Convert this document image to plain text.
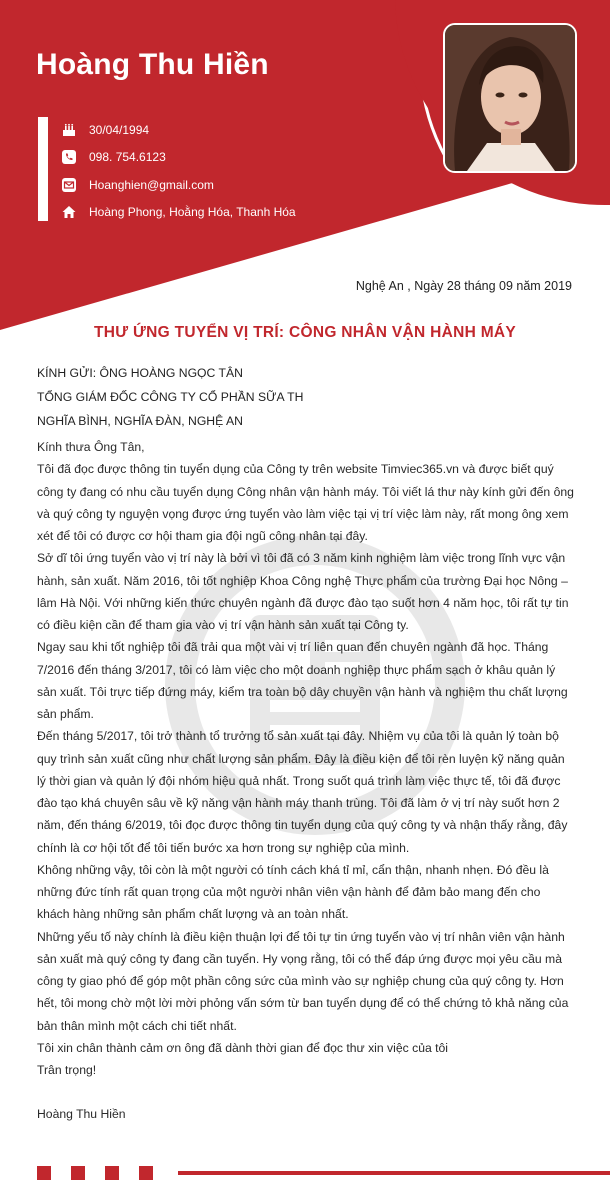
Hoàng Thu Hiền
30/04/1994
098. 754.6123
Hoanghien@gmail.com
Hoàng Phong, Hoằng Hóa, Thanh Hóa
Nghệ An , Ngày 28 tháng 09 năm 2019
THƯ ỨNG TUYỂN VỊ TRÍ: CÔNG NHÂN VẬN HÀNH MÁY
KÍNH GỬI: ÔNG HOÀNG NGỌC TÂN
TỔNG GIÁM ĐỐC CÔNG TY CỔ PHẦN SỮA TH
NGHĨA BÌNH, NGHĨA ĐÀN, NGHỆ AN

Kính thưa Ông Tân,

Tôi đã đọc được thông tin tuyển dụng của Công ty trên website Timviec365.vn và được biết quý công ty đang có nhu cầu tuyển dụng Công nhân vận hành máy. Tôi viết lá thư này kính gửi đến ông và quý công ty nguyện vọng được ứng tuyển vào làm việc tại vị trí việc làm này, rất mong ông xem xét để tôi có được cơ hội tham gia đội ngũ công nhân tại đây.

Sở dĩ tôi ứng tuyển vào vị trí này là bởi vì tôi đã có 3 năm kinh nghiệm làm việc trong lĩnh vực vận hành, sản xuất. Năm 2016, tôi tốt nghiệp Khoa Công nghệ Thực phẩm của trường Đại học Nông – lâm Hà Nội. Với những kiến thức chuyên ngành đã được đào tạo suốt hơn 4 năm học, tôi rất tự tin có điều kiện cần để tham gia vào vị trí vận hành sản xuất tại Công ty.

Ngay sau khi tốt nghiệp tôi đã trải qua một vài vị trí liên quan đến chuyên ngành đã học. Tháng 7/2016 đến tháng 3/2017, tôi có làm việc cho một doanh nghiệp thực phẩm sạch ở khâu quản lý sản xuất. Tôi trực tiếp đứng máy, kiểm tra toàn bộ dây chuyền vận hành và nghiệm thu chất lượng sản phẩm.

Đến tháng 5/2017, tôi trở thành tổ trưởng tổ sản xuất tại đây. Nhiệm vụ của tôi là quản lý toàn bộ quy trình sản xuất cũng như chất lượng sản phẩm. Đây là điều kiện để tôi rèn luyện kỹ năng quản lý thời gian và quản lý đội nhóm hiệu quả nhất. Trong suốt quá trình làm việc thực tế, tôi đã được đào tạo khá chuyên sâu về kỹ năng vận hành máy thanh trùng. Tôi đã làm ở vị trí này suốt hơn 2 năm, đến tháng 6/2019, tôi đọc được thông tin tuyển dụng của quý công ty và nhận thấy rằng, đây chính là cơ hội tốt để tôi tiến bước xa hơn trong sự nghiệp của mình.

Không những vậy, tôi còn là một người có tính cách khá tỉ mỉ, cẩn thận, nhanh nhẹn. Đó đều là những đức tính rất quan trọng của một người nhân viên vận hành để đảm bảo mang đến cho khách hàng những sản phẩm chất lượng và an toàn nhất.

Những yếu tố này chính là điều kiện thuận lợi để tôi tự tin ứng tuyển vào vị trí nhân viên vận hành sản xuất mà quý công ty đang cần tuyển. Hy vọng rằng, tôi có thể đáp ứng được mọi yêu cầu mà công ty giao phó để góp một phần công sức của mình vào sự nghiệp chung của quý công ty. Hơn hết, tôi mong chờ một lời mời phỏng vấn sớm từ ban tuyển dụng để có thể chứng tỏ khả năng của bản thân mình một cách chi tiết nhất.

Tôi xin chân thành cảm ơn ông đã dành thời gian để đọc thư xin việc của tôi

Trân trọng!

Hoàng Thu Hiền
